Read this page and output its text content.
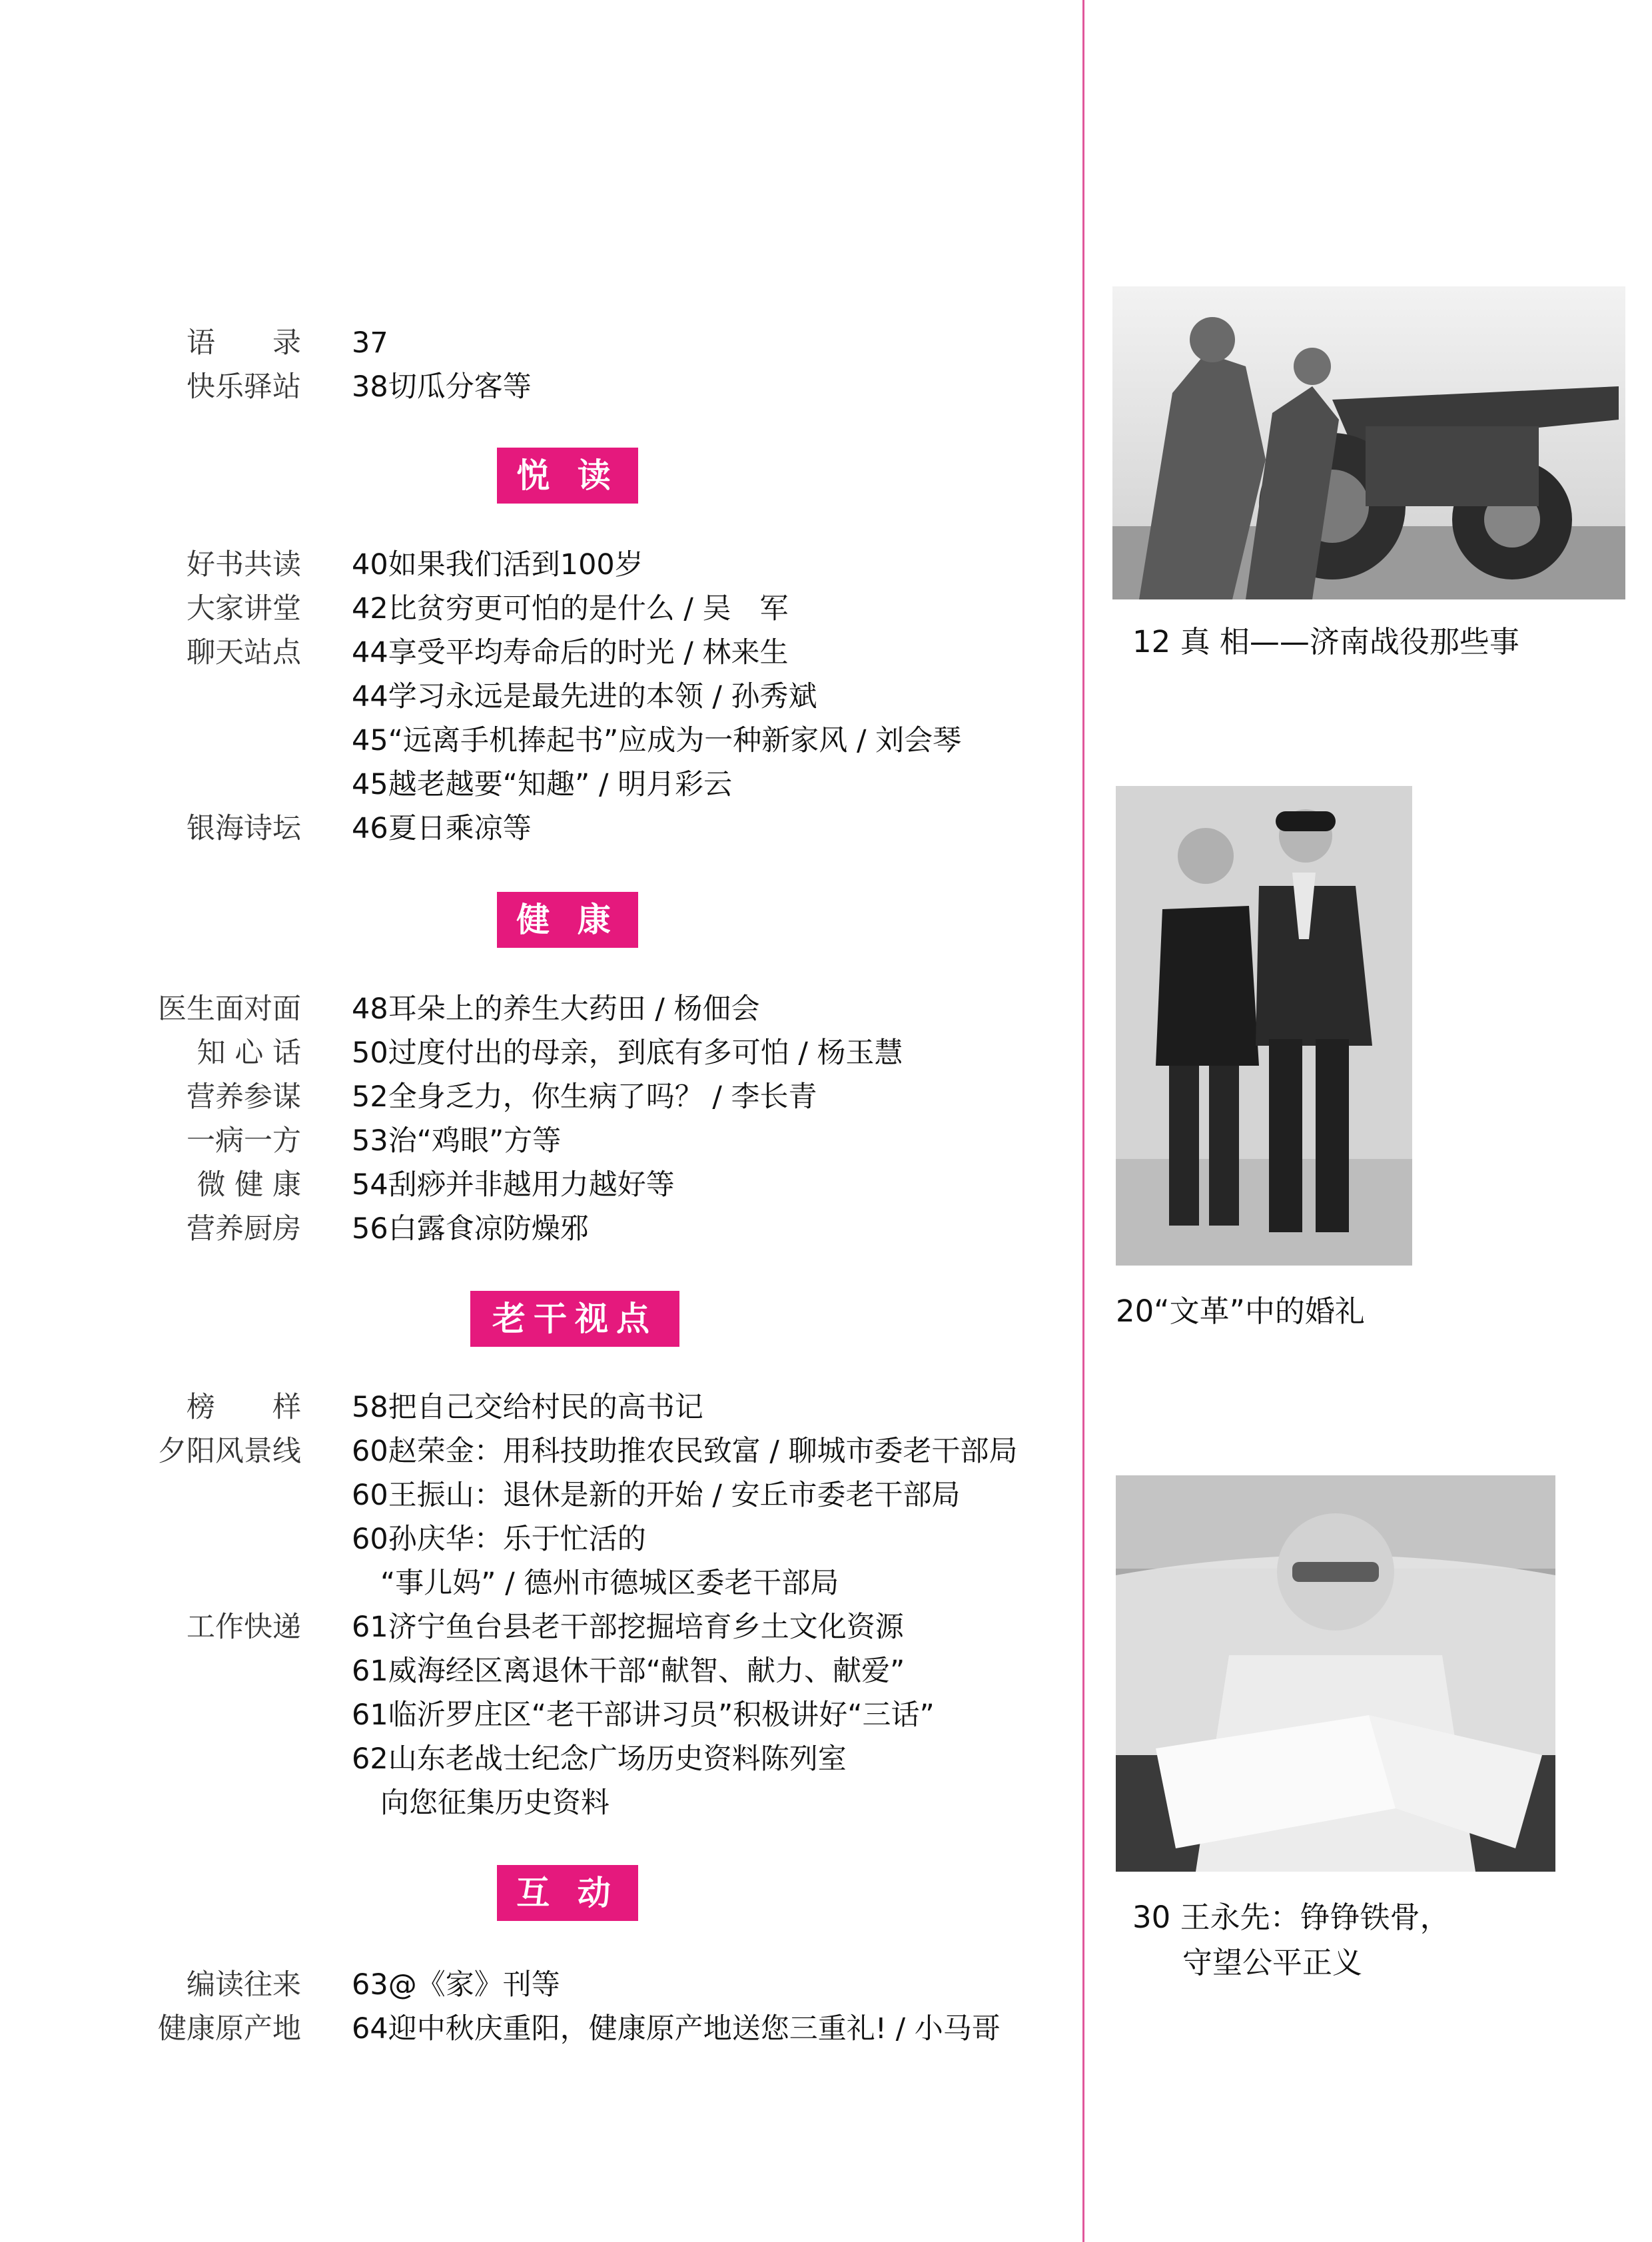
语　　录 37
快乐驿站 38切瓜分客等
悦 读
好书共读 40如果我们活到100岁
大家讲堂 42比贫穷更可怕的是什么 / 吴　军
聊天站点 44享受平均寿命后的时光 / 林来生
44学习永远是最先进的本领 / 孙秀斌
45“远离手机捧起书”应成为一种新家风 / 刘会琴
45越老越要“知趣” / 明月彩云
银海诗坛 46夏日乘凉等
健 康
医生面对面 48耳朵上的养生大药田 / 杨佃会
知 心 话 50过度付出的母亲，到底有多可怕 / 杨玉慧
营养参谋 52全身乏力，你生病了吗？ / 李长青
一病一方 53治“鸡眼”方等
微 健 康 54刮痧并非越用力越好等
营养厨房 56白露食凉防燥邪
老干视点
榜　　样 58把自己交给村民的高书记
夕阳风景线 60赵荣金：用科技助推农民致富 / 聊城市委老干部局
60王振山：退休是新的开始 / 安丘市委老干部局
60孙庆华：乐于忙活的
　“事儿妈” / 德州市德城区委老干部局
工作快递 61济宁鱼台县老干部挖掘培育乡土文化资源
61威海经区离退休干部“献智、献力、献爱”
61临沂罗庄区“老干部讲习员”积极讲好“三话”
62山东老战士纪念广场历史资料陈列室
　向您征集历史资料
互 动
编读往来 63@《家》刊等
健康原产地 64迎中秋庆重阳，健康原产地送您三重礼! / 小马哥
12 真 相——济南战役那些事
20“文革”中的婚礼
30 王永先：铮铮铁骨，
守望公平正义
